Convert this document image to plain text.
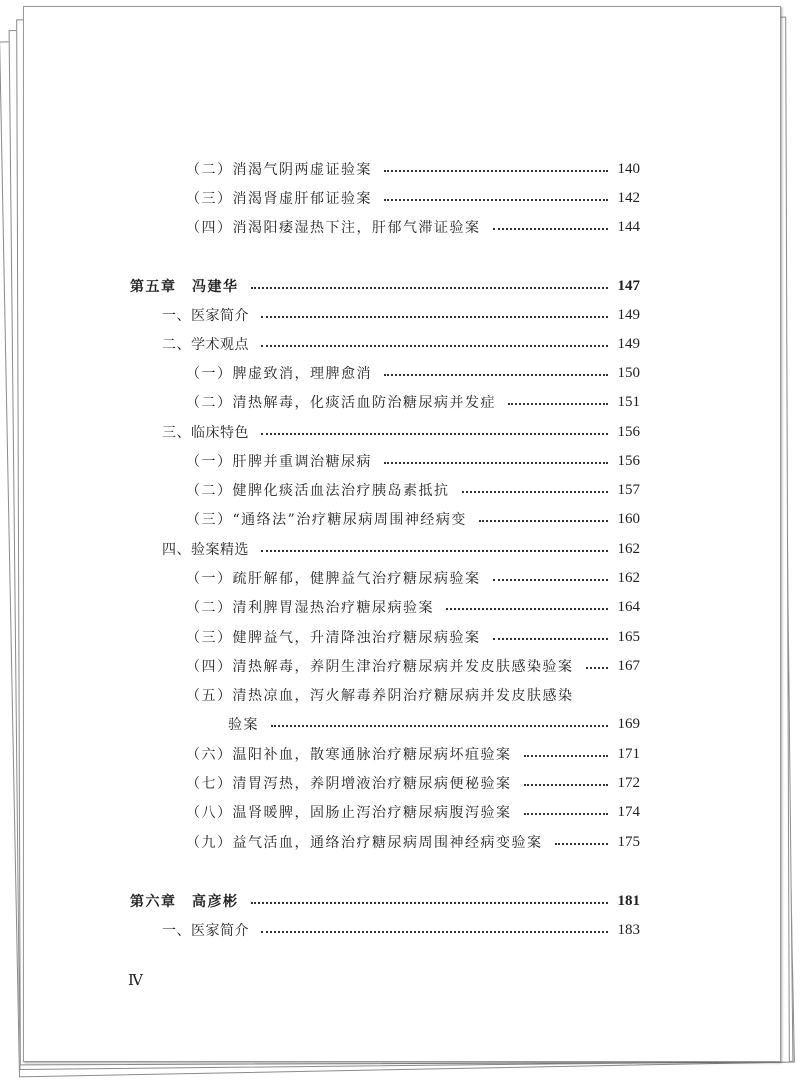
（二）消渴气阴两虚证验案	140
（三）消渴肾虚肝郁证验案	142
（四）消渴阳痿湿热下注，肝郁气滞证验案	144
第五章　冯建华	147
一、医家简介	149
二、学术观点	149
（一）脾虚致消，理脾愈消	150
（二）清热解毒，化痰活血防治糖尿病并发症	151
三、临床特色	156
（一）肝脾并重调治糖尿病	156
（二）健脾化痰活血法治疗胰岛素抵抗	157
（三）“通络法”治疗糖尿病周围神经病变	160
四、验案精选	162
（一）疏肝解郁，健脾益气治疗糖尿病验案	162
（二）清利脾胃湿热治疗糖尿病验案	164
（三）健脾益气，升清降浊治疗糖尿病验案	165
（四）清热解毒，养阴生津治疗糖尿病并发皮肤感染验案	167
（五）清热凉血，泻火解毒养阴治疗糖尿病并发皮肤感染
验案	169
（六）温阳补血，散寒通脉治疗糖尿病坏疽验案	171
（七）清胃泻热，养阴增液治疗糖尿病便秘验案	172
（八）温肾暖脾，固肠止泻治疗糖尿病腹泻验案	174
（九）益气活血，通络治疗糖尿病周围神经病变验案	175
第六章　高彦彬	181
一、医家简介	183
Ⅳ
